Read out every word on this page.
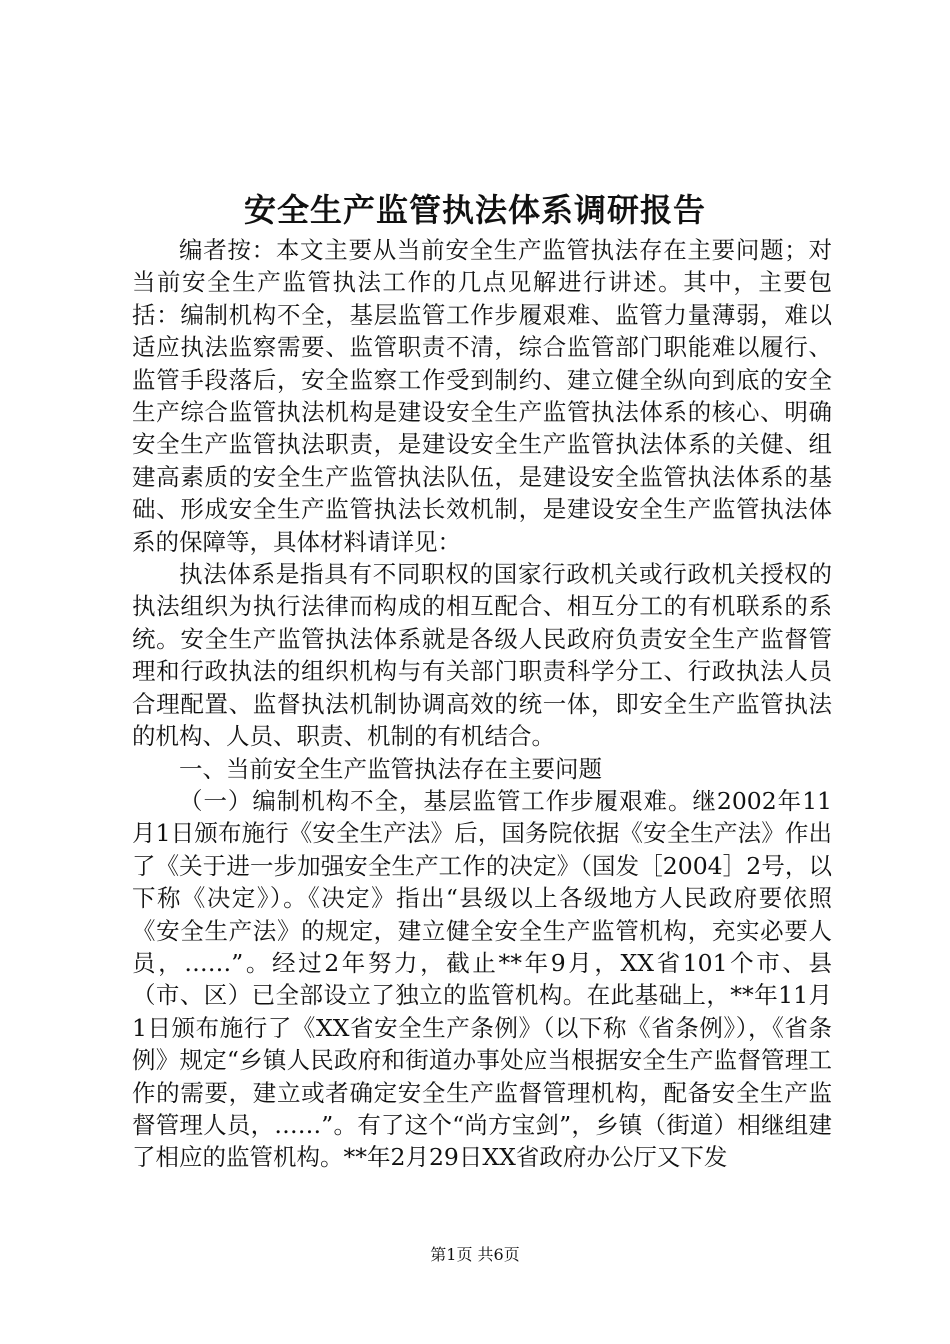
安全生产监管执法体系调研报告

编者按：本文主要从当前安全生产监管执法存在主要问题；对当前安全生产监管执法工作的几点见解进行讲述。其中，主要包括：编制机构不全，基层监管工作步履艰难、监管力量薄弱，难以适应执法监察需要、监管职责不清，综合监管部门职能难以履行、监管手段落后，安全监察工作受到制约、建立健全纵向到底的安全生产综合监管执法机构是建设安全生产监管执法体系的核心、明确安全生产监管执法职责，是建设安全生产监管执法体系的关健、组建高素质的安全生产监管执法队伍，是建设安全监管执法体系的基础、形成安全生产监管执法长效机制，是建设安全生产监管执法体系的保障等，具体材料请详见：

执法体系是指具有不同职权的国家行政机关或行政机关授权的执法组织为执行法律而构成的相互配合、相互分工的有机联系的系统。安全生产监管执法体系就是各级人民政府负责安全生产监督管理和行政执法的组织机构与有关部门职责科学分工、行政执法人员合理配置、监督执法机制协调高效的统一体，即安全生产监管执法的机构、人员、职责、机制的有机结合。

一、当前安全生产监管执法存在主要问题

（一）编制机构不全，基层监管工作步履艰难。继2002年11月1日颁布施行《安全生产法》后，国务院依据《安全生产法》作出了《关于进一步加强安全生产工作的决定》（国发［2004］2号，以下称《决定》）。《决定》指出“县级以上各级地方人民政府要依照《安全生产法》的规定，建立健全安全生产监管机构，充实必要人员，……”。经过2年努力，截止**年9月，XX省101个市、县（市、区）已全部设立了独立的监管机构。在此基础上，**年11月1日颁布施行了《XX省安全生产条例》（以下称《省条例》），《省条例》规定“乡镇人民政府和街道办事处应当根据安全生产监督管理工作的需要，建立或者确定安全生产监督管理机构，配备安全生产监督管理人员，……”。有了这个“尚方宝剑”，乡镇（街道）相继组建了相应的监管机构。**年2月29日XX省政府办公厅又下发

第1页 共6页
